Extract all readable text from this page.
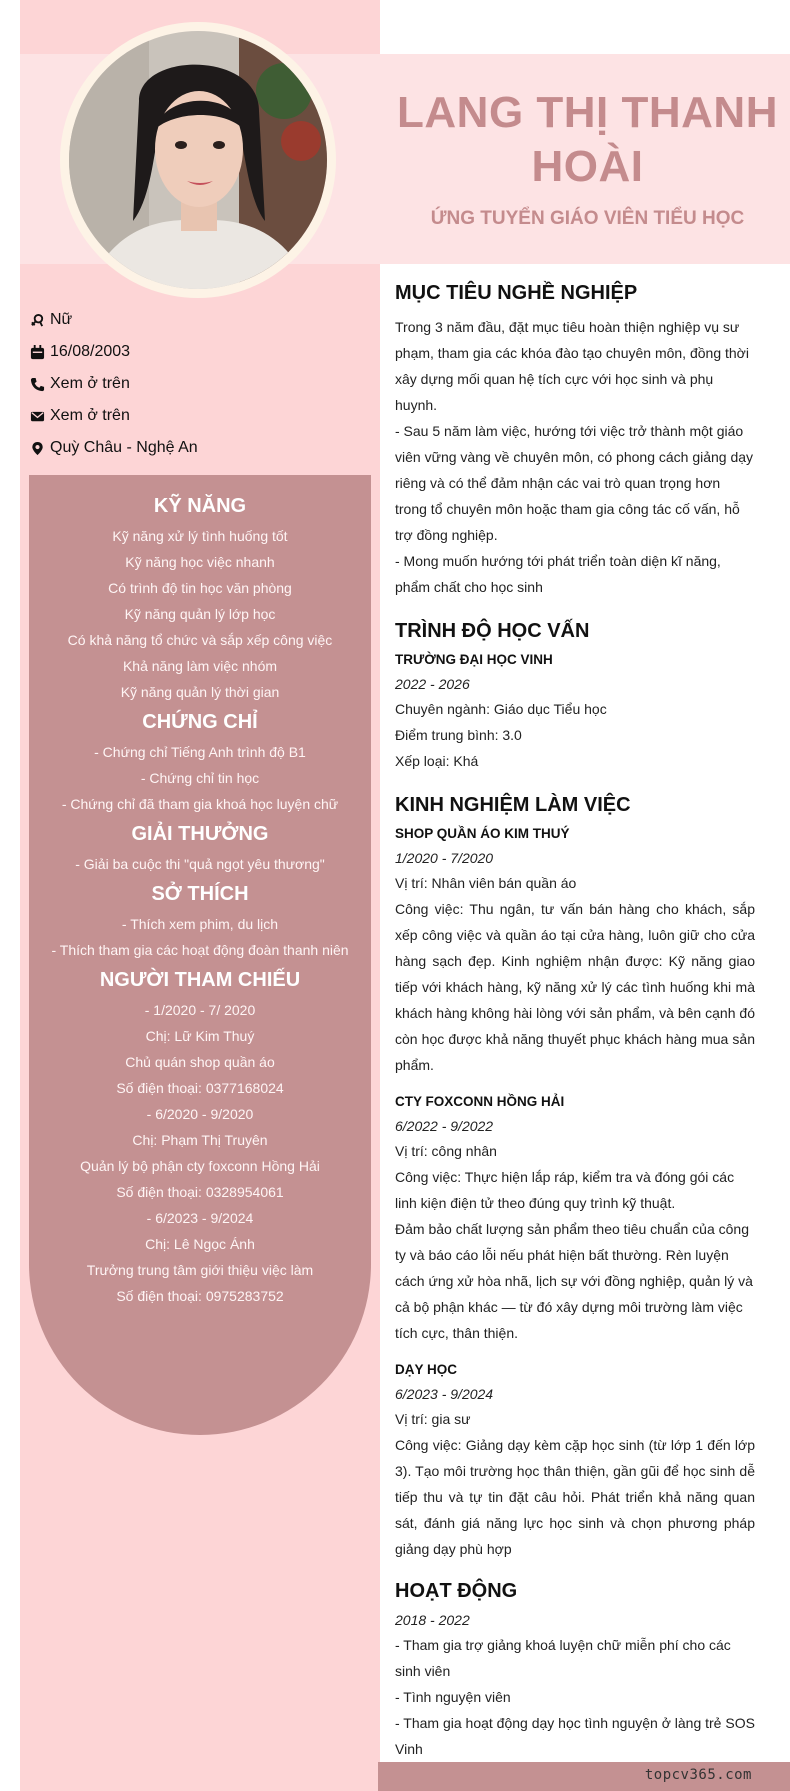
LANG THỊ THANH HOÀI
ỨNG TUYỂN GIÁO VIÊN TIỂU HỌC
Nữ
16/08/2003
Xem ở trên
Xem ở trên
Quỳ Châu - Nghệ An
KỸ NĂNG
Kỹ năng xử lý tình huống tốt
Kỹ năng học việc nhanh
Có trình độ tin học văn phòng
Kỹ năng quản lý lớp học
Có khả năng tổ chức và sắp xếp công việc
Khả năng làm việc nhóm
Kỹ năng quản lý thời gian
CHỨNG CHỈ
- Chứng chỉ Tiếng Anh trình độ B1
- Chứng chỉ tin học
- Chứng chỉ đã tham gia khoá học luyện chữ
GIẢI THƯỞNG
- Giải ba cuộc thi "quả ngọt yêu thương"
SỞ THÍCH
- Thích xem phim, du lịch
- Thích tham gia các hoạt động đoàn thanh niên
NGƯỜI THAM CHIẾU
- 1/2020 - 7/ 2020
Chị: Lữ Kim Thuý
Chủ quán shop quần áo
Số điện thoại: 0377168024
- 6/2020 - 9/2020
Chị: Phạm Thị Truyên
Quản lý bộ phận cty foxconn Hồng Hải
Số điện thoại: 0328954061
- 6/2023 - 9/2024
Chị: Lê Ngọc Ánh
Trưởng trung tâm giới thiệu việc làm
Số điện thoại: 0975283752
MỤC TIÊU NGHỀ NGHIỆP
Trong 3 năm đầu, đặt mục tiêu hoàn thiện nghiệp vụ sư phạm, tham gia các khóa đào tạo chuyên môn, đồng thời xây dựng mối quan hệ tích cực với học sinh và phụ huynh.
- Sau 5 năm làm việc, hướng tới việc trở thành một giáo viên vững vàng về chuyên môn, có phong cách giảng dạy riêng và có thể đảm nhận các vai trò quan trọng hơn trong tổ chuyên môn hoặc tham gia công tác cố vấn, hỗ trợ đồng nghiệp.
- Mong muốn hướng tới phát triển toàn diện kĩ năng, phẩm chất cho học sinh
TRÌNH ĐỘ HỌC VẤN
TRƯỜNG ĐẠI HỌC VINH
2022 - 2026
Chuyên ngành: Giáo dục Tiểu học
Điểm trung bình: 3.0
Xếp loại: Khá
KINH NGHIỆM LÀM VIỆC
SHOP QUẦN ÁO KIM THUÝ
1/2020 - 7/2020
Vị trí: Nhân viên bán quần áo
Công việc: Thu ngân, tư vấn bán hàng cho khách, sắp xếp công việc và quần áo tại cửa hàng, luôn giữ cho cửa hàng sạch đẹp. Kinh nghiệm nhận được: Kỹ năng giao tiếp với khách hàng, kỹ năng xử lý các tình huống khi mà khách hàng không hài lòng với sản phẩm, và bên cạnh đó còn học được khả năng thuyết phục khách hàng mua sản phẩm.
CTY FOXCONN HỒNG HẢI
6/2022 - 9/2022
Vị trí: công nhân
Công việc: Thực hiện lắp ráp, kiểm tra và đóng gói các linh kiện điện tử theo đúng quy trình kỹ thuật.
Đảm bảo chất lượng sản phẩm theo tiêu chuẩn của công ty và báo cáo lỗi nếu phát hiện bất thường. Rèn luyện cách ứng xử hòa nhã, lịch sự với đồng nghiệp, quản lý và cả bộ phận khác — từ đó xây dựng môi trường làm việc tích cực, thân thiện.
DẠY HỌC
6/2023 - 9/2024
Vị trí: gia sư
Công việc: Giảng dạy kèm cặp học sinh (từ lớp 1 đến lớp 3). Tạo môi trường học thân thiện, gần gũi để học sinh dễ tiếp thu và tự tin đặt câu hỏi. Phát triển khả năng quan sát, đánh giá năng lực học sinh và chọn phương pháp giảng dạy phù hợp
HOẠT ĐỘNG
2018 - 2022
- Tham gia trợ giảng khoá luyện chữ miễn phí cho các sinh viên
- Tình nguyện viên
- Tham gia hoạt động dạy học tình nguyện ở làng trẻ SOS Vinh
topcv365.com
